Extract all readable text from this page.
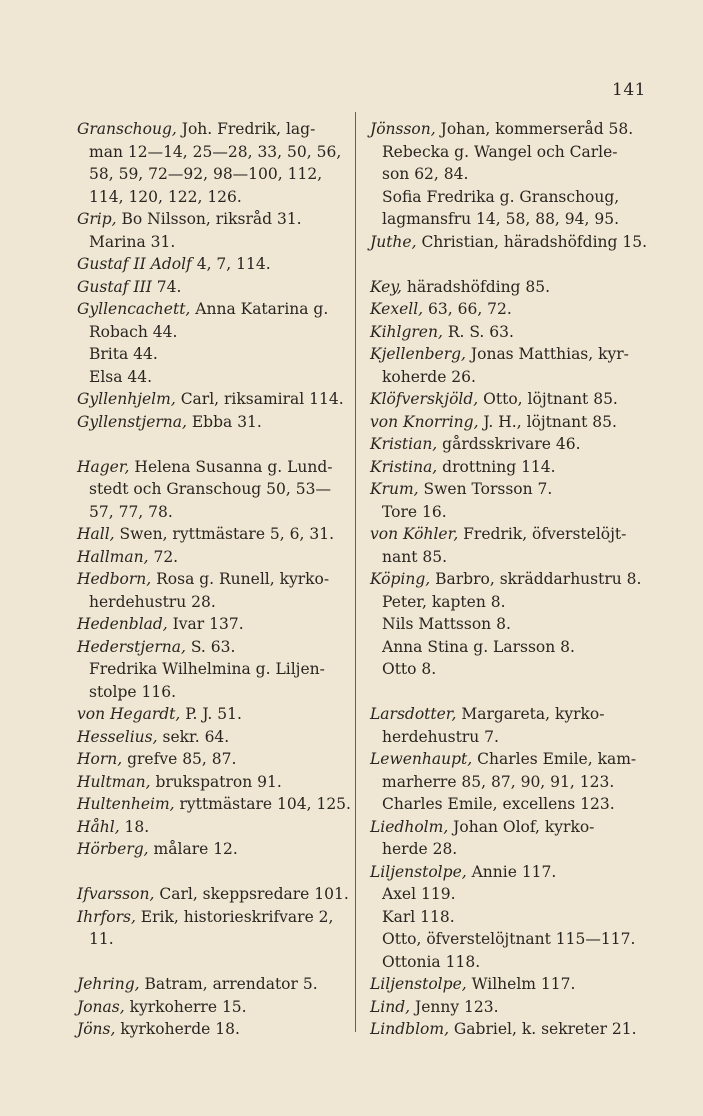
141
Granschoug, Joh. Fredrik, lag-
man 12—14, 25—28, 33, 50, 56,
58, 59, 72—92, 98—100, 112,
114, 120, 122, 126.
Grip, Bo Nilsson, riksråd 31.
Marina 31.
Gustaf II Adolf 4, 7, 114.
Gustaf III 74.
Gyllencachett, Anna Katarina g.
Robach 44.
Brita 44.
Elsa 44.
Gyllenhjelm, Carl, riksamiral 114.
Gyllenstjerna, Ebba 31.
Hager, Helena Susanna g. Lund-
stedt och Granschoug 50, 53—
57, 77, 78.
Hall, Swen, ryttmästare 5, 6, 31.
Hallman, 72.
Hedborn, Rosa g. Runell, kyrko-
herdehustru 28.
Hedenblad, Ivar 137.
Hederstjerna, S. 63.
Fredrika Wilhelmina g. Liljen-
stolpe 116.
von Hegardt, P. J. 51.
Hesselius, sekr. 64.
Horn, grefve 85, 87.
Hultman, brukspatron 91.
Hultenheim, ryttmästare 104, 125.
Håhl, 18.
Hörberg, målare 12.
Ifvarsson, Carl, skeppsredare 101.
Ihrfors, Erik, historieskrifvare 2,
11.
Jehring, Batram, arrendator 5.
Jonas, kyrkoherre 15.
Jöns, kyrkoherde 18.
Jönsson, Johan, kommerseråd 58.
Rebecka g. Wangel och Carle-
son 62, 84.
Sofia Fredrika g. Granschoug,
lagmansfru 14, 58, 88, 94, 95.
Juthe, Christian, häradshöfding 15.
Key, häradshöfding 85.
Kexell, 63, 66, 72.
Kihlgren, R. S. 63.
Kjellenberg, Jonas Matthias, kyr-
koherde 26.
Klöfverskjöld, Otto, löjtnant 85.
von Knorring, J. H., löjtnant 85.
Kristian, gårdsskrivare 46.
Kristina, drottning 114.
Krum, Swen Torsson 7.
Tore 16.
von Köhler, Fredrik, öfverstelöjt-
nant 85.
Köping, Barbro, skräddarhustru 8.
Peter, kapten 8.
Nils Mattsson 8.
Anna Stina g. Larsson 8.
Otto 8.
Larsdotter, Margareta, kyrko-
herdehustru 7.
Lewenhaupt, Charles Emile, kam-
marherre 85, 87, 90, 91, 123.
Charles Emile, excellens 123.
Liedholm, Johan Olof, kyrko-
herde 28.
Liljenstolpe, Annie 117.
Axel 119.
Karl 118.
Otto, öfverstelöjtnant 115—117.
Ottonia 118.
Liljenstolpe, Wilhelm 117.
Lind, Jenny 123.
Lindblom, Gabriel, k. sekreter 21.
